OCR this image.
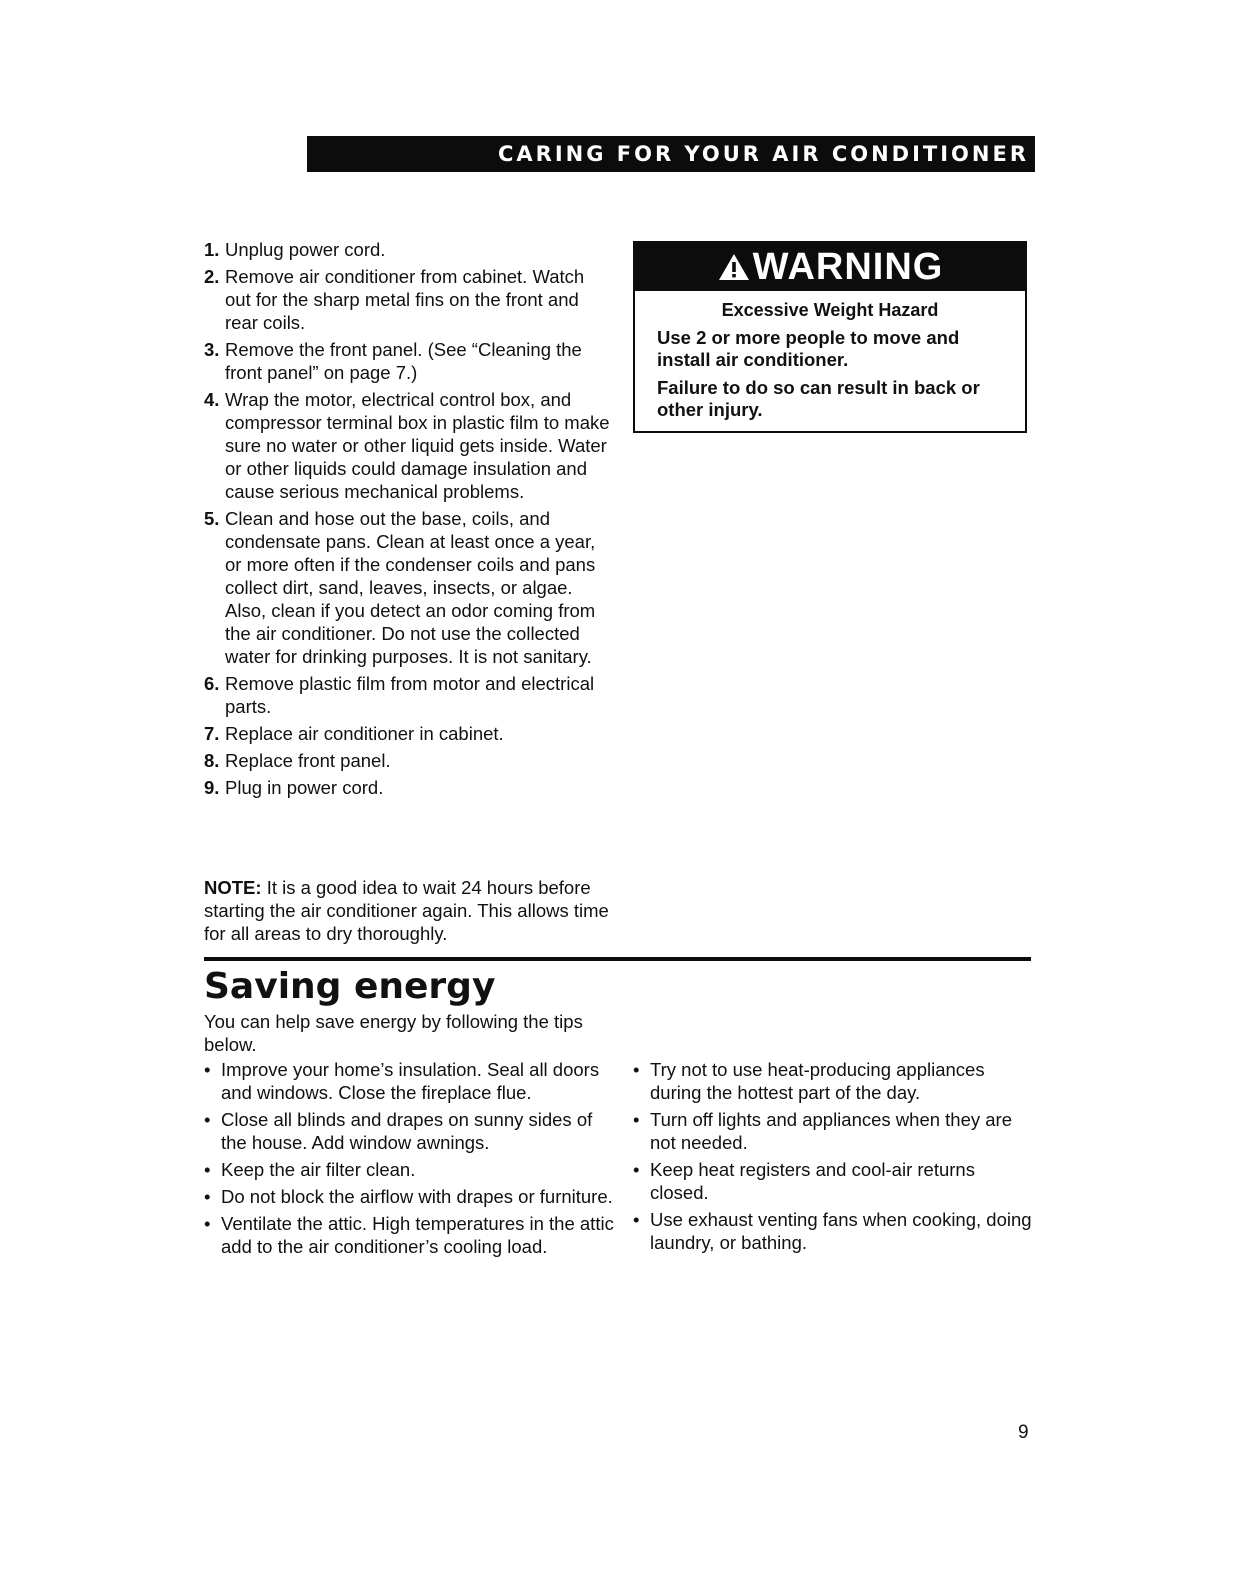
CARING FOR YOUR AIR CONDITIONER
1. Unplug power cord.
2. Remove air conditioner from cabinet. Watch out for the sharp metal fins on the front and rear coils.
3. Remove the front panel. (See “Cleaning the front panel” on page 7.)
4. Wrap the motor, electrical control box, and compressor terminal box in plastic film to make sure no water or other liquid gets inside. Water or other liquids could damage insulation and cause serious mechanical problems.
5. Clean and hose out the base, coils, and condensate pans. Clean at least once a year, or more often if the condenser coils and pans collect dirt, sand, leaves, insects, or algae. Also, clean if you detect an odor coming from the air conditioner. Do not use the collected water for drinking purposes. It is not sanitary.
6. Remove plastic film from motor and electrical parts.
7. Replace air conditioner in cabinet.
8. Replace front panel.
9. Plug in power cord.

NOTE: It is a good idea to wait 24 hours before starting the air conditioner again. This allows time for all areas to dry thoroughly.

WARNING
Excessive Weight Hazard
Use 2 or more people to move and install air conditioner.
Failure to do so can result in back or other injury.
Saving energy

You can help save energy by following the tips below.

• Improve your home’s insulation. Seal all doors and windows. Close the fireplace flue.
• Close all blinds and drapes on sunny sides of the house. Add window awnings.
• Keep the air filter clean.
• Do not block the airflow with drapes or furniture.
• Ventilate the attic. High temperatures in the attic add to the air conditioner’s cooling load.
• Try not to use heat-producing appliances during the hottest part of the day.
• Turn off lights and appliances when they are not needed.
• Keep heat registers and cool-air returns closed.
• Use exhaust venting fans when cooking, doing laundry, or bathing.
9
